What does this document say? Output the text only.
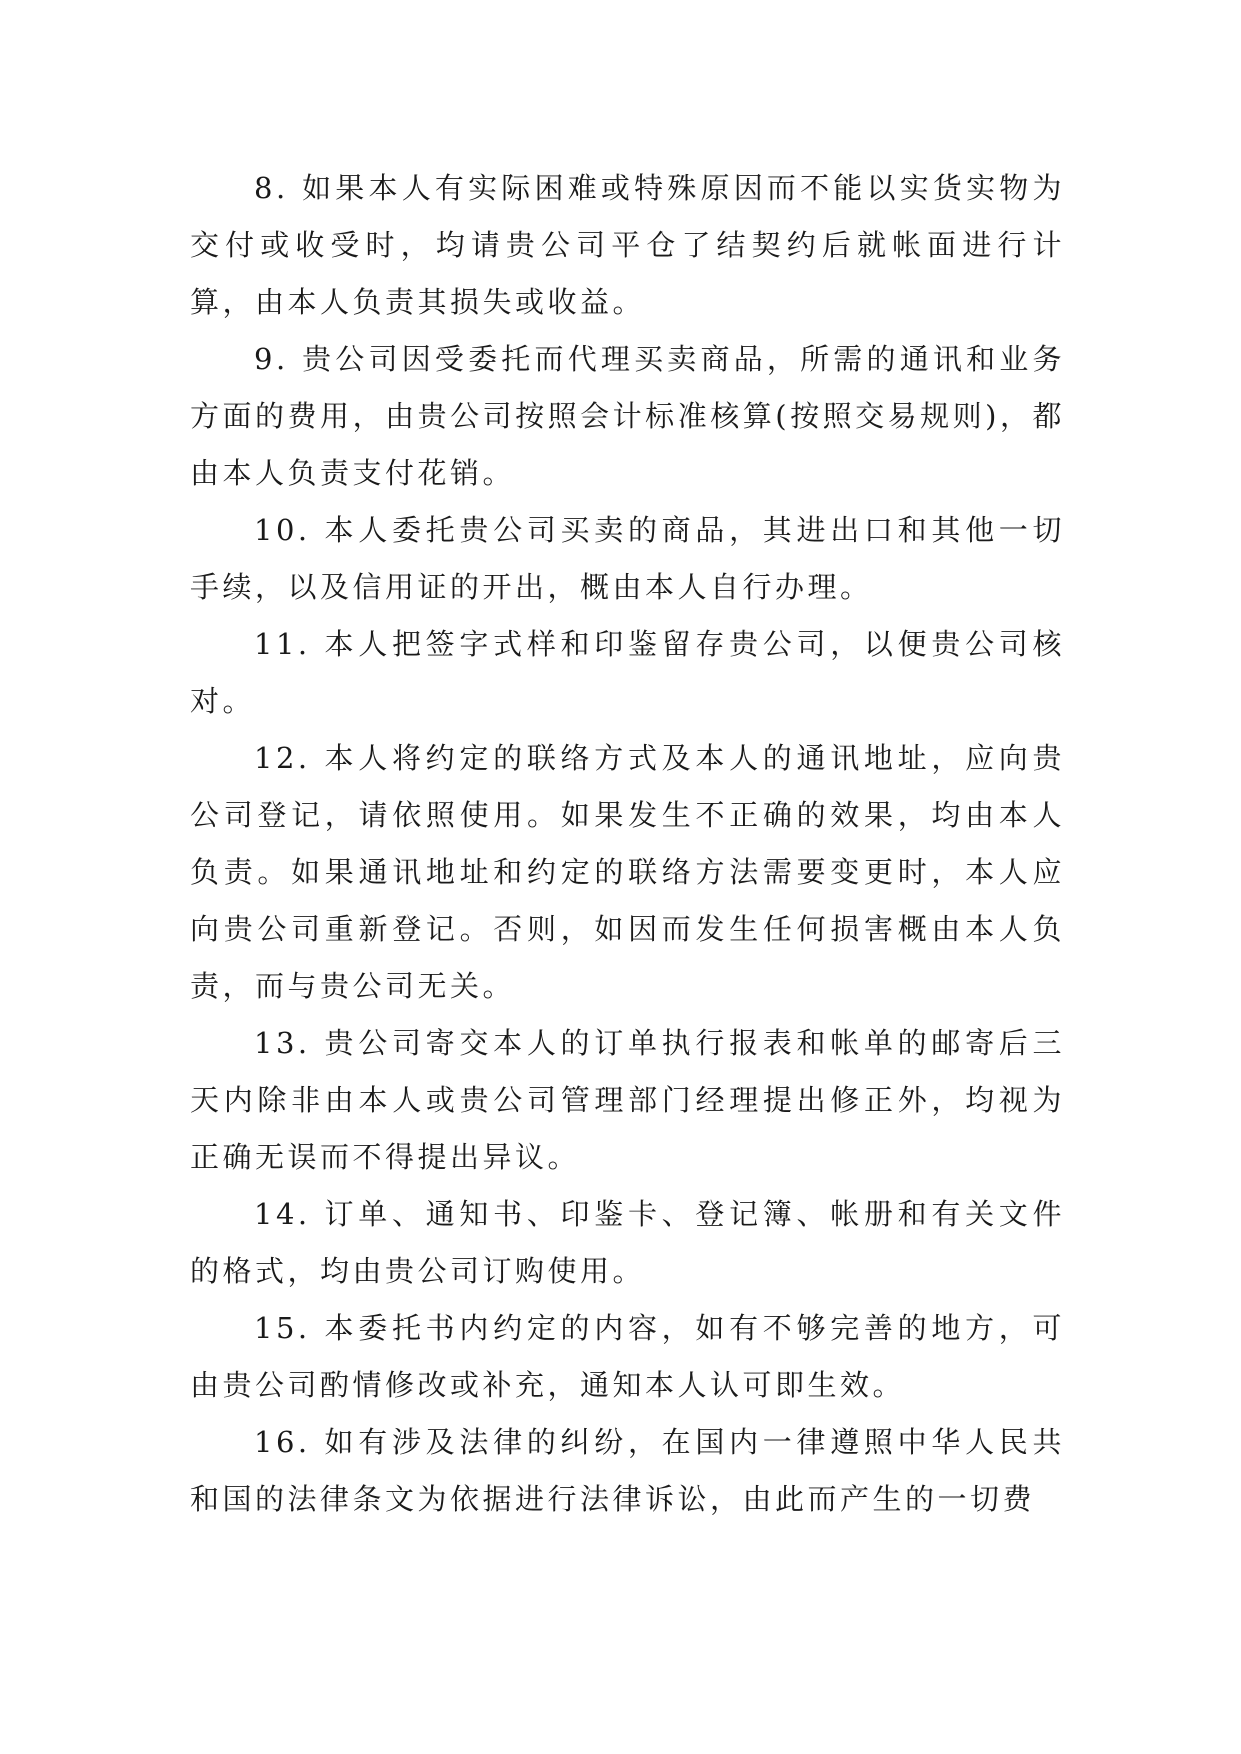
8. 如果本人有实际困难或特殊原因而不能以实货实物为交付或收受时，均请贵公司平仓了结契约后就帐面进行计算，由本人负责其损失或收益。

9. 贵公司因受委托而代理买卖商品，所需的通讯和业务方面的费用，由贵公司按照会计标准核算(按照交易规则)，都由本人负责支付花销。

10. 本人委托贵公司买卖的商品，其进出口和其他一切手续，以及信用证的开出，概由本人自行办理。

11. 本人把签字式样和印鉴留存贵公司，以便贵公司核对。

12. 本人将约定的联络方式及本人的通讯地址，应向贵公司登记，请依照使用。如果发生不正确的效果，均由本人负责。如果通讯地址和约定的联络方法需要变更时，本人应向贵公司重新登记。否则，如因而发生任何损害概由本人负责，而与贵公司无关。

13. 贵公司寄交本人的订单执行报表和帐单的邮寄后三天内除非由本人或贵公司管理部门经理提出修正外，均视为正确无误而不得提出异议。

14. 订单、通知书、印鉴卡、登记簿、帐册和有关文件的格式，均由贵公司订购使用。

15. 本委托书内约定的内容，如有不够完善的地方，可由贵公司酌情修改或补充，通知本人认可即生效。

16. 如有涉及法律的纠纷，在国内一律遵照中华人民共和国的法律条文为依据进行法律诉讼，由此而产生的一切费
